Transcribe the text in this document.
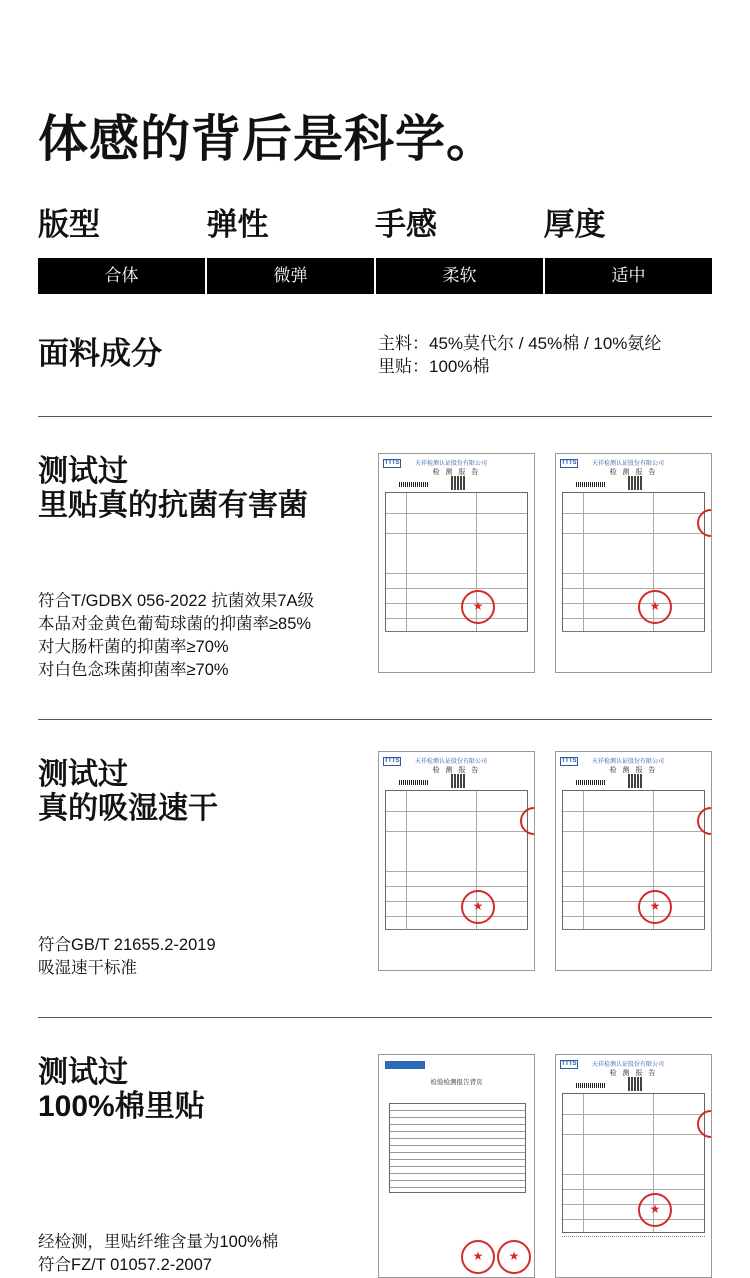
体感的背后是科学。
版型	弹性	手感	厚度
合体	微弹	柔软	适中
面料成分	主料：45%莫代尔 / 45%棉 / 10%氨纶
里贴：100%棉
测试过
里贴真的抗菌有害菌
符合T/GDBX 056-2022 抗菌效果7A级
本品对金黄色葡萄球菌的抑菌率≥85%
对大肠杆菌的抑菌率≥70%
对白色念珠菌抑菌率≥70%
TTTS	天祥检测认证股份有限公司
检 测 报 告
★
TTTS	天祥检测认证股份有限公司
检 测 报 告
★
测试过
真的吸湿速干
符合GB/T 21655.2-2019
吸湿速干标准
TTTS	天祥检测认证股份有限公司
检 测 报 告
★
TTTS	天祥检测认证股份有限公司
检 测 报 告
★
测试过
100%棉里贴
经检测，里贴纤维含量为100%棉
符合FZ/T 01057.2-2007
检验检测报告背页
★
★
TTTS	天祥检测认证股份有限公司
检 测 报 告
★
